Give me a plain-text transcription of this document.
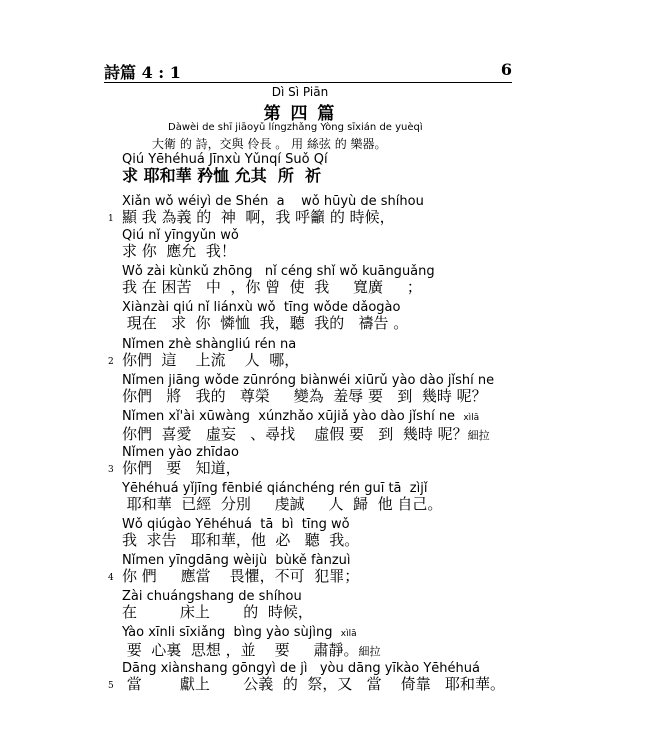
詩篇 4 : 1	6
Dì Sì Piān
第 四 篇
Dàwèi de shī jiāoyǔ língzhǎng Yòng sīxián de yuèqì
大衛 的 詩，交與 伶長 。 用 絲弦 的 樂器。
Qiú Yēhéhuá Jīnxù Yǔnqí Suǒ Qí
求 耶和華 矜恤 允其  所  祈
1
Xiǎn wǒ wéiyì de Shén  a    wǒ hūyù de shíhou
顯 我 為義 的  神  啊，我 呼籲 的 時候，
Qiú nǐ yīngyǔn wǒ
求 你  應允  我！
Wǒ zài kùnkǔ zhōng   nǐ céng shǐ wǒ kuānguǎng
我 在 困苦   中  ，你 曾  使  我     寬廣     ；
Xiànzài qiú nǐ liánxù wǒ  tīng wǒde dǎogào
現在   求  你  憐恤  我，聽  我的   禱告 。
2
Nǐmen zhè shàngliú rén na
你們  這    上流    人  哪，
Nǐmen jiāng wǒde zūnróng biànwéi xiūrǔ yào dào jǐshí ne
你們   將   我的   尊榮     變為  羞辱 要   到  幾時 呢？
Nǐmen xǐ'ài xūwàng  xúnzhǎo xūjiǎ yào dào jǐshí ne xìlā
你們  喜愛   虛妄   、尋找    虛假 要   到  幾時 呢？細拉
3
Nǐmen yào zhīdao
你們   要   知道，
Yēhéhuá yǐjīng fēnbié qiánchéng rén guī tā  zìjǐ
耶和華  已經  分別     虔誠     人  歸  他 自己。
Wǒ qiúgào Yēhéhuá  tā  bì  tīng wǒ
我  求告   耶和華，他  必   聽  我。
4
Nǐmen yīngdāng wèijù  bùkě fànzuì
你 們     應當    畏懼，不可  犯罪；
Zài chuángshang de shíhou
在         床上       的  時候，
Yào xīnli sīxiǎng  bìng yào sùjìng xìlā
要  心裏  思想 ，並    要     肅靜。細拉
5
Dāng xiànshang gōngyì de jì   yòu dāng yīkào Yēhéhuá
當        獻上       公義  的  祭，又   當    倚靠   耶和華。
